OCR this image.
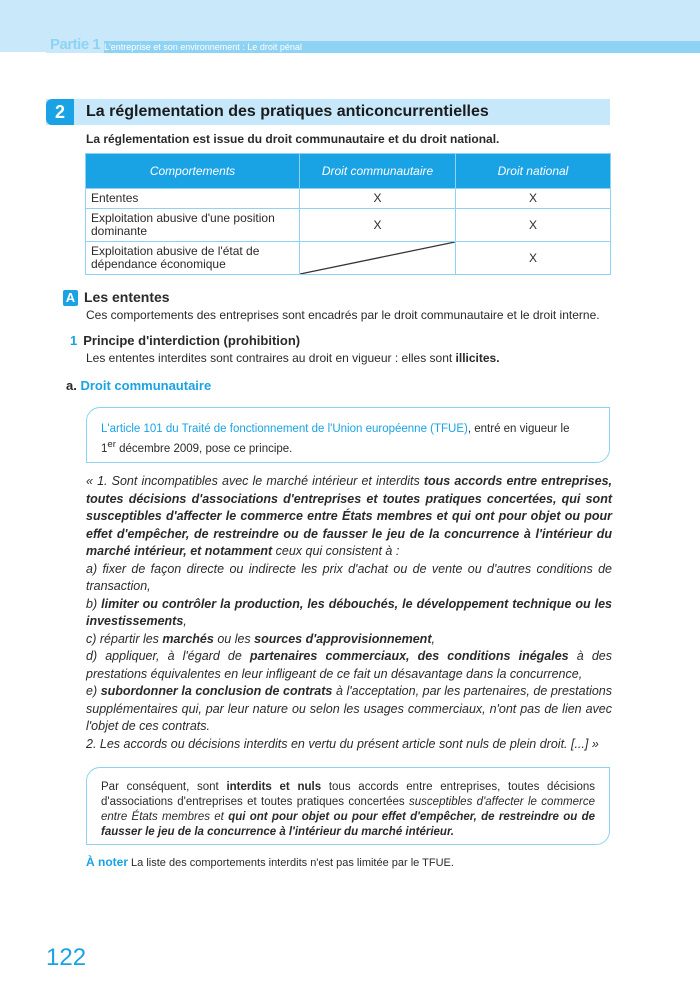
Partie 1 L'entreprise et son environnement : Le droit pénal
2	La réglementation des pratiques anticoncurrentielles
La réglementation est issue du droit communautaire et du droit national.
Comportements	Droit communautaire	Droit national
Ententes	X	X
Exploitation abusive d'une position dominante	X	X
Exploitation abusive de l'état de dépendance économique		X
A Les ententes
Ces comportements des entreprises sont encadrés par le droit communautaire et le droit interne.
1 Principe d'interdiction (prohibition)
Les ententes interdites sont contraires au droit en vigueur : elles sont illicites.
a. Droit communautaire
L'article 101 du Traité de fonctionnement de l'Union européenne (TFUE), entré en vigueur le
1er décembre 2009, pose ce principe.
« 1. Sont incompatibles avec le marché intérieur et interdits tous accords entre entreprises, toutes décisions d'associations d'entreprises et toutes pratiques concertées, qui sont susceptibles d'affecter le commerce entre États membres et qui ont pour objet ou pour effet d'empêcher, de restreindre ou de fausser le jeu de la concurrence à l'intérieur du marché intérieur, et notamment ceux qui consistent à :
a) fixer de façon directe ou indirecte les prix d'achat ou de vente ou d'autres conditions de transaction,
b) limiter ou contrôler la production, les débouchés, le développement technique ou les investissements,
c) répartir les marchés ou les sources d'approvisionnement,
d) appliquer, à l'égard de partenaires commerciaux, des conditions inégales à des prestations équivalentes en leur infligeant de ce fait un désavantage dans la concurrence,
e) subordonner la conclusion de contrats à l'acceptation, par les partenaires, de prestations supplémentaires qui, par leur nature ou selon les usages commerciaux, n'ont pas de lien avec l'objet de ces contrats.
2. Les accords ou décisions interdits en vertu du présent article sont nuls de plein droit. [...] »
Par conséquent, sont interdits et nuls tous accords entre entreprises, toutes décisions d'associations d'entreprises et toutes pratiques concertées susceptibles d'affecter le commerce entre États membres et qui ont pour objet ou pour effet d'empêcher, de restreindre ou de fausser le jeu de la concurrence à l'intérieur du marché intérieur.
À noter La liste des comportements interdits n'est pas limitée par le TFUE.
122
